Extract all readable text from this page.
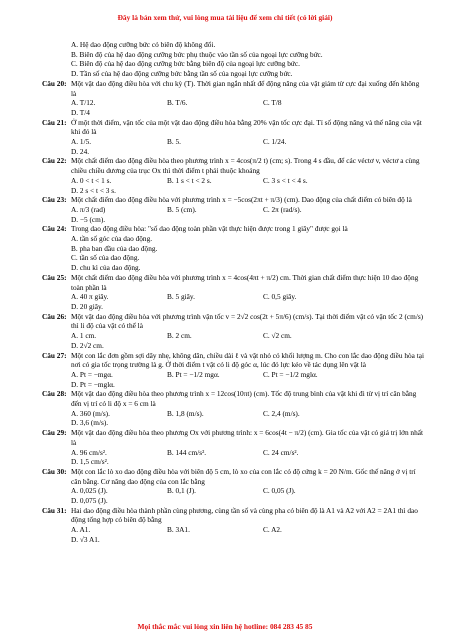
Đây là bản xem thử, vui lòng mua tài liệu để xem chi tiết (có lời giải)
A. Hệ dao động cưỡng bức có biên độ không đổi.
B. Biên độ của hệ dao động cưỡng bức phụ thuộc vào tần số của ngoại lực cưỡng bức.
C. Biên độ của hệ dao động cưỡng bức bằng biên độ của ngoại lực cưỡng bức.
D. Tần số của hệ dao động cưỡng bức bằng tần số của ngoại lực cưỡng bức.
Câu 20: Một vật dao động điều hòa với chu kỳ (T). Thời gian ngắn nhất để động năng của vật giảm từ cực đại xuống đến không là
A. T/12.	B. T/6.	C. T/8D. T/4
Câu 21: Ở một thời điểm, vận tốc của một vật dao động điều hòa bằng 20% vận tốc cực đại. Tỉ số động năng và thế năng của vật khi đó là
A. 1/5.	B. 5.	C. 1/24.D. 24.
Câu 22: Một chất điểm dao động điều hòa theo phương trình x = 4cos(π/2 t) (cm; s). Trong 4 s đầu, để các véctơ v, véctơ a cùng chiều chiều dương của trục Ox thì thời điểm t phải thuộc khoảng
A. 0 < t < 1 s.	B. 1 s < t < 2 s.	C. 3 s < t < 4 s.D. 2 s < t < 3 s.
Câu 23: Một chất điểm dao động điều hòa với phương trình x = −5cos(2πt + π/3) (cm). Dao động của chất điểm có biên độ là
A. π/3 (rad)	B. 5 (cm).	C. 2π (rad/s).D. −5 (cm).
Câu 24: Trong dao động điều hòa: "số dao động toàn phần vật thực hiện được trong 1 giây" được gọi là
A. tần số góc của dao động.B. pha ban đầu của dao động.
C. tần số của dao động.D. chu kì của dao động.
Câu 25: Một chất điểm dao động điều hòa với phương trình x = 4cos(4πt + π/2) cm. Thời gian chất điểm thực hiện 10 dao động toàn phần là
A. 40 π giây.	B. 5 giây.	C. 0,5 giây.D. 20 giây.
Câu 26: Một vật dao động điều hòa với phương trình vận tốc v = 2√2 cos(2t + 5π/6) (cm/s). Tại thời điểm vật có vận tốc 2 (cm/s) thì li độ của vật có thể là
A. 1 cm.	B. 2 cm.	C. √2 cm.D. 2√2 cm.
Câu 27: Một con lắc đơn gồm sợi dây nhẹ, không dãn, chiều dài ℓ và vật nhỏ có khối lượng m. Cho con lắc dao động điều hòa tại nơi có gia tốc trọng trường là g. Ở thời điểm t vật có li độ góc α, lúc đó lực kéo về tác dụng lên vật là
A. Pt = −mgα.	B. Pt = −1/2 mgα.	C. Pt = −1/2 mglα.D. Pt = −mglα.
Câu 28: Một vật dao động điều hòa theo phương trình x = 12cos(10πt) (cm). Tốc độ trung bình của vật khi đi từ vị trí cân bằng đến vị trí có li độ x = 6 cm là
A. 360 (m/s).	B. 1,8 (m/s).	C. 2,4 (m/s).D. 3,6 (m/s).
Câu 29: Một vật dao động điều hòa theo phương Ox với phương trình: x = 6cos(4t − π/2) (cm). Gia tốc của vật có giá trị lớn nhất là
A. 96 cm/s².	B. 144 cm/s².	C. 24 cm/s².D. 1,5 cm/s².
Câu 30: Một con lắc lò xo dao động điều hòa với biên độ 5 cm, lò xo của con lắc có độ cứng k = 20 N/m. Gốc thế năng ở vị trí cân bằng. Cơ năng dao động của con lắc bằng
A. 0,025 (J).	B. 0,1 (J).	C. 0,05 (J).D. 0,075 (J).
Câu 31: Hai dao động điều hòa thành phần cùng phương, cùng tần số và cùng pha có biên độ là A1 và A2 với A2 = 2A1 thì dao động tổng hợp có biên độ bằng
A. A1.	B. 3A1.	C. A2.D. √3 A1.
Mọi thắc mắc vui lòng xin liên hệ hotline: 084 283 45 85
